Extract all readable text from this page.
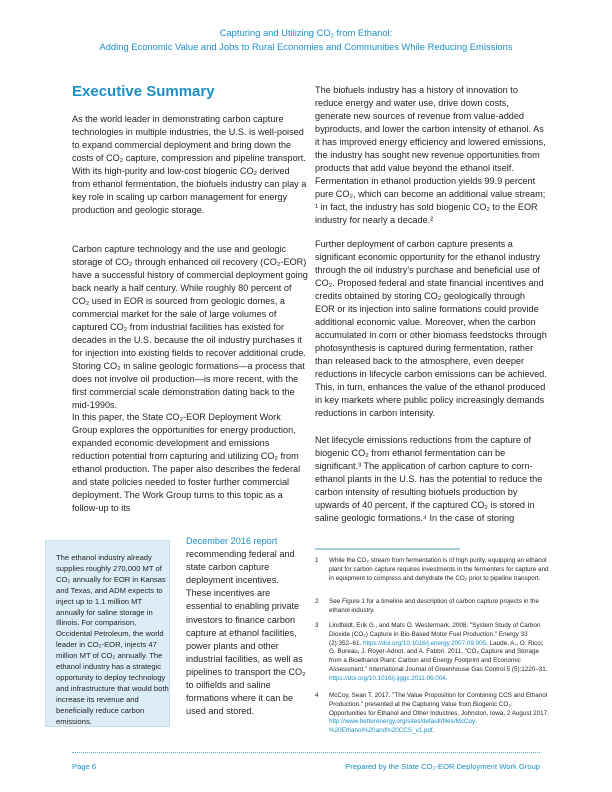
Capturing and Utilizing $CO_2$ from Ethanol:
Adding Economic Value and Jobs to Rural Economies and Communities While Reducing Emissions
Executive Summary

As the world leader in demonstrating carbon capture technologies in multiple industries, the U.S. is well-poised to expand commercial deployment and bring down the costs of CO₂ capture, compression and pipeline transport. With its high-purity and low-cost biogenic CO₂ derived from ethanol fermentation, the biofuels industry can play a key role in scaling up carbon management for energy production and geologic storage.

Carbon capture technology and the use and geologic storage of CO₂ through enhanced oil recovery (CO₂-EOR) have a successful history of commercial deployment going back nearly a half century. While roughly 80 percent of CO₂ used in EOR is sourced from geologic domes, a commercial market for the sale of large volumes of captured CO₂ from industrial facilities has existed for decades in the U.S. because the oil industry purchases it for injection into existing fields to recover additional crude. Storing CO₂ in saline geologic formations—a process that does not involve oil production—is more recent, with the first commercial scale demonstration dating back to the mid-1990s.

In this paper, the State CO₂-EOR Deployment Work Group explores the opportunities for energy production, expanded economic development and emissions reduction potential from capturing and utilizing CO₂ from ethanol production. The paper also describes the federal and state policies needed to foster further commercial deployment. The Work Group turns to this topic as a follow-up to its

December 2016 report
recommending federal and state carbon capture deployment incentives. These incentives are essential to enabling private investors to finance carbon capture at ethanol facilities, power plants and other industrial facilities, as well as pipelines to transport the CO₂ to oilfields and saline formations where it can be used and stored.
The ethanol industry already supplies roughly 270,000 MT of CO₂ annually for EOR in Kansas and Texas, and ADM expects to inject up to 1.1 million MT annually for saline storage in Illinois. For comparison, Occidental Petroleum, the world leader in CO₂-EOR, injects 47 million MT of CO₂ annually. The ethanol industry has a strategic opportunity to deploy technology and infrastructure that would both increase its revenue and beneficially reduce carbon emissions.

The biofuels industry has a history of innovation to reduce energy and water use, drive down costs, generate new sources of revenue from value-added byproducts, and lower the carbon intensity of ethanol. As it has improved energy efficiency and lowered emissions, the industry has sought new revenue opportunities from products that add value beyond the ethanol itself. Fermentation in ethanol production yields 99.9 percent pure CO₂, which can become an additional value stream; ¹ in fact, the industry has sold biogenic CO₂ to the EOR industry for nearly a decade.²

Further deployment of carbon capture presents a significant economic opportunity for the ethanol industry through the oil industry's purchase and beneficial use of CO₂. Proposed federal and state financial incentives and credits obtained by storing CO₂ geologically through EOR or its injection into saline formations could provide additional economic value. Moreover, when the carbon accumulated in corn or other biomass feedstocks through photosynthesis is captured during fermentation, rather than released back to the atmosphere, even deeper reductions in lifecycle carbon emissions can be achieved. This, in turn, enhances the value of the ethanol produced in key markets where public policy increasingly demands reductions in carbon intensity.

Net lifecycle emissions reductions from the capture of biogenic CO₂ from ethanol fermentation can be significant.³ The application of carbon capture to corn-ethanol plants in the U.S. has the potential to reduce the carbon intensity of resulting biofuels production by upwards of 40 percent, if the captured CO₂ is stored in saline geologic formations.⁴ In the case of storing

1	While the CO₂ stream from fermentation is of high purity, equipping an ethanol plant for carbon capture requires investments in the fermenters for capture and in equipment to compress and dehydrate the CO₂ prior to pipeline transport.
2	See Figure 1 for a timeline and description of carbon capture projects in the ethanol industry.
3	Lindfeldt, Erik G., and Mats O. Westermark. 2008. "System Study of Carbon Dioxide (CO₂) Capture in Bio-Based Motor Fuel Production." Energy 33 (2):352–61. https://doi.org/10.1016/j.energy.2007.09.005. Laude, A., O. Ricci, G. Bureau, J. Royer-Adnot, and A. Fabbri. 2011. "CO₂ Capture and Storage from a Bioethanol Plant: Carbon and Energy Footprint and Economic Assessment." International Journal of Greenhouse Gas Control 5 (5):1220–31. https://doi.org/10.1016/j.ijggc.2011.06.004.
4	McCoy, Sean T. 2017. "The Value Proposition for Combining CCS and Ethanol Production." presented at the Capturing Value from Biogenic CO₂: Opportunities for Ethanol and Other Industries, Johnston, Iowa, 2 August 2017. http://www.betterenergy.org/sites/default/files/McCoy-%20Ethanol%20and%20CCS_v1.pdf.
Page 6	Prepared by the State CO₂-EOR Deployment Work Group
